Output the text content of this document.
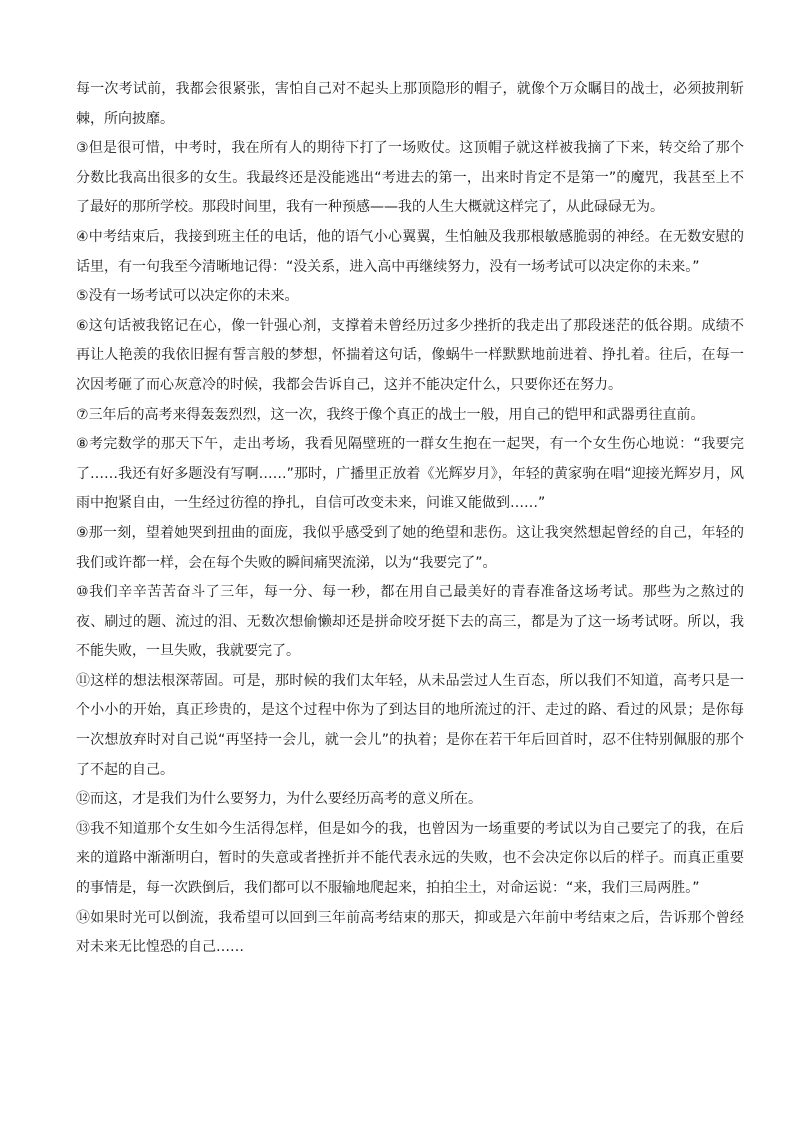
每一次考试前，我都会很紧张，害怕自己对不起头上那顶隐形的帽子，就像个万众瞩目的战士，必须披荆斩棘，所向披靡。

③但是很可惜，中考时，我在所有人的期待下打了一场败仗。这顶帽子就这样被我摘了下来，转交给了那个分数比我高出很多的女生。我最终还是没能逃出“考进去的第一，出来时肯定不是第一”的魔咒，我甚至上不了最好的那所学校。那段时间里，我有一种预感——我的人生大概就这样完了，从此碌碌无为。

④中考结束后，我接到班主任的电话，他的语气小心翼翼，生怕触及我那根敏感脆弱的神经。在无数安慰的话里，有一句我至今清晰地记得：“没关系，进入高中再继续努力，没有一场考试可以决定你的未来。”

⑤没有一场考试可以决定你的未来。

⑥这句话被我铭记在心，像一针强心剂，支撑着未曾经历过多少挫折的我走出了那段迷茫的低谷期。成绩不再让人艳羡的我依旧握有誓言般的梦想，怀揣着这句话，像蜗牛一样默默地前进着、挣扎着。往后，在每一次因考砸了而心灰意冷的时候，我都会告诉自己，这并不能决定什么，只要你还在努力。

⑦三年后的高考来得轰轰烈烈，这一次，我终于像个真正的战士一般，用自己的铠甲和武器勇往直前。

⑧考完数学的那天下午，走出考场，我看见隔壁班的一群女生抱在一起哭，有一个女生伤心地说：“我要完了……我还有好多题没有写啊……”那时，广播里正放着《光辉岁月》，年轻的黄家驹在唱“迎接光辉岁月，风雨中抱紧自由，一生经过彷徨的挣扎，自信可改变未来，问谁又能做到……”

⑨那一刻，望着她哭到扭曲的面庞，我似乎感受到了她的绝望和悲伤。这让我突然想起曾经的自己，年轻的我们或许都一样，会在每个失败的瞬间痛哭流涕，以为“我要完了”。

⑩我们辛辛苦苦奋斗了三年，每一分、每一秒，都在用自己最美好的青春准备这场考试。那些为之熬过的夜、刷过的题、流过的泪、无数次想偷懒却还是拼命咬牙挺下去的高三，都是为了这一场考试呀。所以，我不能失败，一旦失败，我就要完了。

⑪这样的想法根深蒂固。可是，那时候的我们太年轻，从未品尝过人生百态，所以我们不知道，高考只是一个小小的开始，真正珍贵的，是这个过程中你为了到达目的地所流过的汗、走过的路、看过的风景；是你每一次想放弃时对自己说“再坚持一会儿，就一会儿”的执着；是你在若干年后回首时，忍不住特别佩服的那个了不起的自己。

⑫而这，才是我们为什么要努力，为什么要经历高考的意义所在。

⑬我不知道那个女生如今生活得怎样，但是如今的我，也曾因为一场重要的考试以为自己要完了的我，在后来的道路中渐渐明白，暂时的失意或者挫折并不能代表永远的失败，也不会决定你以后的样子。而真正重要的事情是，每一次跌倒后，我们都可以不服输地爬起来，拍拍尘土，对命运说：“来，我们三局两胜。”

⑭如果时光可以倒流，我希望可以回到三年前高考结束的那天，抑或是六年前中考结束之后，告诉那个曾经对未来无比惶恐的自己……
